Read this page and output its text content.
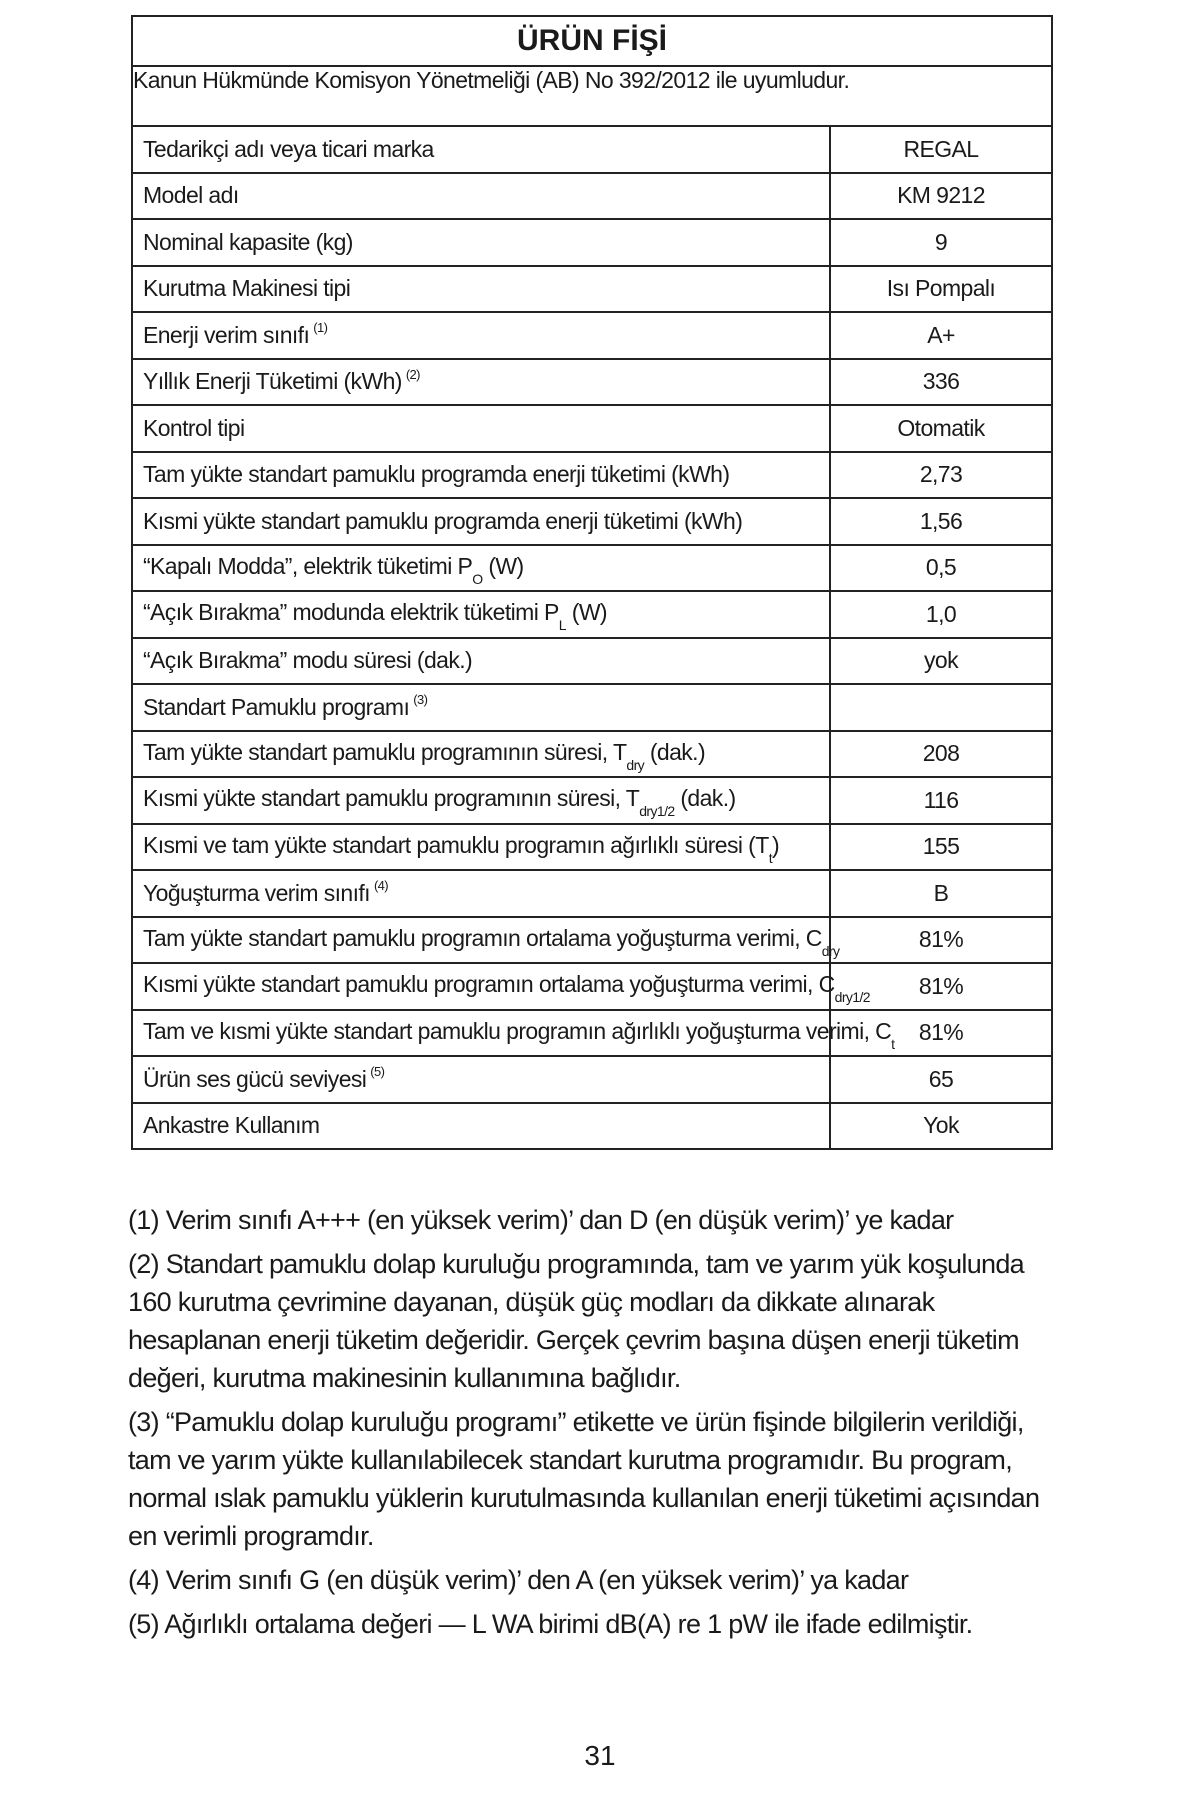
ÜRÜN FİŞİ	
Kanun Hükmünde Komisyon Yönetmeliği (AB) No 392/2012 ile uyumludur.	
Tedarikçi adı veya ticari marka	REGAL
Model adı	KM 9212
Nominal kapasite (kg)	9
Kurutma Makinesi tipi	Isı Pompalı
Enerji verim sınıfı $^{(1)}$	A+
Yıllık Enerji Tüketimi (kWh) $^{(2)}$	336
Kontrol tipi	Otomatik
Tam yükte standart pamuklu programda enerji tüketimi (kWh)	2,73
Kısmi yükte standart pamuklu programda enerji tüketimi (kWh)	1,56
“Kapalı Modda”, elektrik tüketimi $P_O$ (W)	0,5
“Açık Bırakma” modunda elektrik tüketimi $P_L$ (W)	1,0
“Açık Bırakma” modu süresi (dak.)	yok
Standart Pamuklu programı $^{(3)}$	
Tam yükte standart pamuklu programının süresi, $T_{dry}$ (dak.)	208
Kısmi yükte standart pamuklu programının süresi, $T_{dry1/2}$ (dak.)	116
Kısmi ve tam yükte standart pamuklu programın ağırlıklı süresi $(T_t)$	155
Yoğuşturma verim sınıfı $^{(4)}$	B
Tam yükte standart pamuklu programın ortalama yoğuşturma verimi, $C_{dry}$	81%
Kısmi yükte standart pamuklu programın ortalama yoğuşturma verimi, $C_{dry1/2}$	81%
Tam ve kısmi yükte standart pamuklu programın ağırlıklı yoğuşturma verimi, $C_t$	81%
Ürün ses gücü seviyesi $^{(5)}$	65
Ankastre Kullanım	Yok

(1) Verim sınıfı A+++ (en yüksek verim)’ dan D (en düşük verim)’ ye kadar

(2) Standart pamuklu dolap kuruluğu programında, tam ve yarım yük koşulunda 160 kurutma çevrimine dayanan, düşük güç modları da dikkate alınarak hesaplanan enerji tüketim değeridir. Gerçek çevrim başına düşen enerji tüketim değeri, kurutma makinesinin kullanımına bağlıdır.

(3) “Pamuklu dolap kuruluğu programı” etikette ve ürün fişinde bilgilerin verildiği, tam ve yarım yükte kullanılabilecek standart kurutma programıdır. Bu program, normal ıslak pamuklu yüklerin kurutulmasında kullanılan enerji tüketimi açısından en verimli programdır.

(4) Verim sınıfı G (en düşük verim)’ den A (en yüksek verim)’ ya kadar

(5) Ağırlıklı ortalama değeri — L WA birimi dB(A) re 1 pW ile ifade edilmiştir.

31
